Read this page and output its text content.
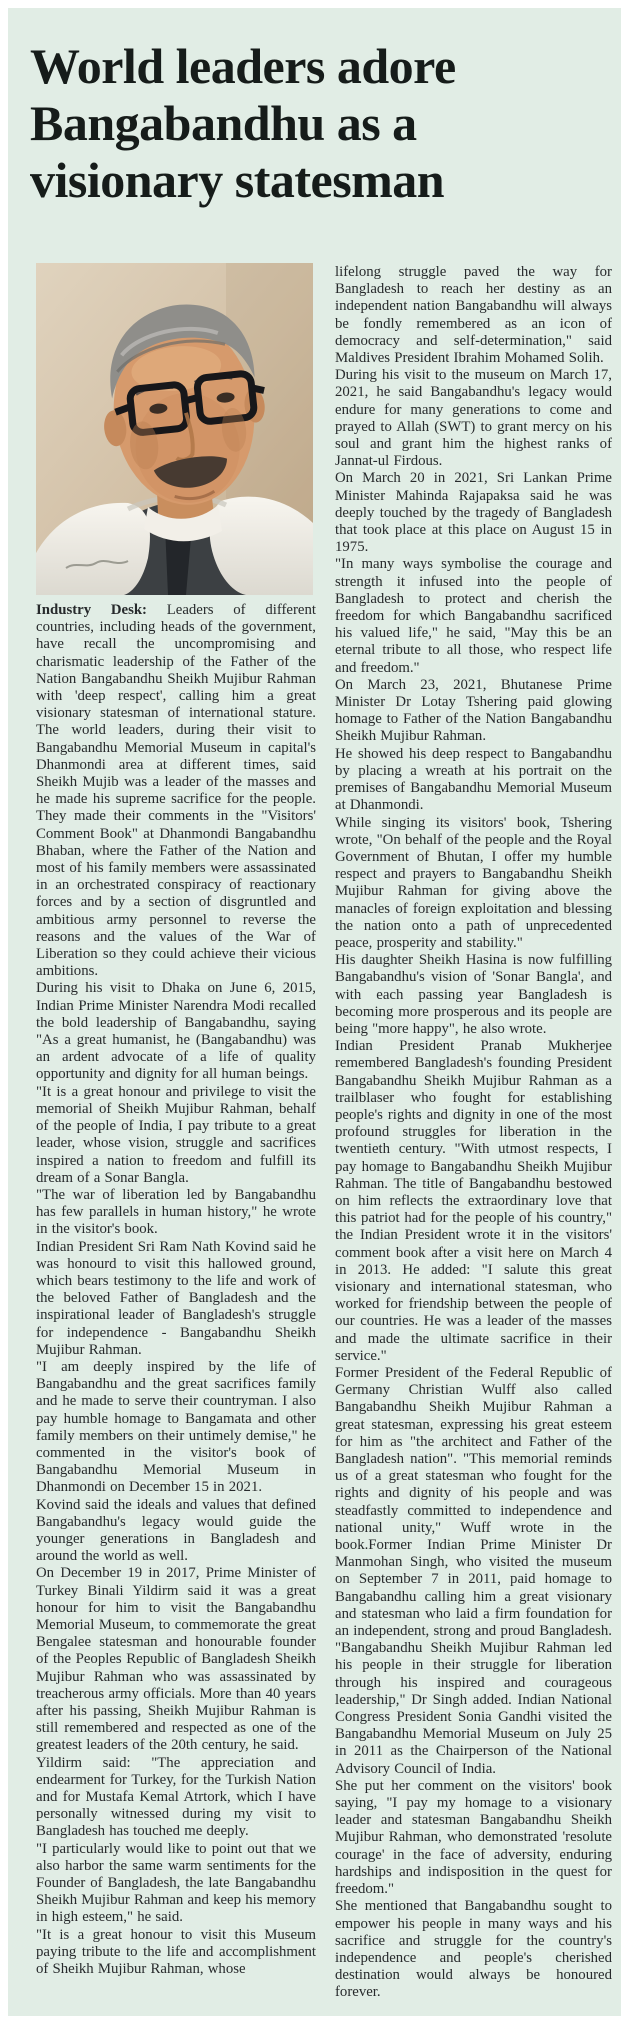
World leaders adore Bangabandhu as a visionary statesman

Industry Desk: Leaders of different countries, including heads of the government, have recall the uncompromising and charismatic leadership of the Father of the Nation Bangabandhu Sheikh Mujibur Rahman with 'deep respect', calling him a great visionary statesman of international stature. The world leaders, during their visit to Bangabandhu Memorial Museum in capital's Dhanmondi area at different times, said Sheikh Mujib was a leader of the masses and he made his supreme sacrifice for the people. They made their comments in the "Visitors' Comment Book" at Dhanmondi Bangabandhu Bhaban, where the Father of the Nation and most of his family members were assassinated in an orchestrated conspiracy of reactionary forces and by a section of disgruntled and ambitious army personnel to reverse the reasons and the values of the War of Liberation so they could achieve their vicious ambitions.

During his visit to Dhaka on June 6, 2015, Indian Prime Minister Narendra Modi recalled the bold leadership of Bangabandhu, saying "As a great humanist, he (Bangabandhu) was an ardent advocate of a life of quality opportunity and dignity for all human beings.

"It is a great honour and privilege to visit the memorial of Sheikh Mujibur Rahman, behalf of the people of India, I pay tribute to a great leader, whose vision, struggle and sacrifices inspired a nation to freedom and fulfill its dream of a Sonar Bangla.

"The war of liberation led by Bangabandhu has few parallels in human history," he wrote in the visitor's book.

Indian President Sri Ram Nath Kovind said he was honourd to visit this hallowed ground, which bears testimony to the life and work of the beloved Father of Bangladesh and the inspirational leader of Bangladesh's struggle for independence - Bangabandhu Sheikh Mujibur Rahman.

"I am deeply inspired by the life of Bangabandhu and the great sacrifices family and he made to serve their countryman. I also pay humble homage to Bangamata and other family members on their untimely demise," he commented in the visitor's book of Bangabandhu Memorial Museum in Dhanmondi on December 15 in 2021.

Kovind said the ideals and values that defined Bangabandhu's legacy would guide the younger generations in Bangladesh and around the world as well.

On December 19 in 2017, Prime Minister of Turkey Binali Yildirm said it was a great honour for him to visit the Bangabandhu Memorial Museum, to commemorate the great Bengalee statesman and honourable founder of the Peoples Republic of Bangladesh Sheikh Mujibur Rahman who was assassinated by treacherous army officials. More than 40 years after his passing, Sheikh Mujibur Rahman is still remembered and respected as one of the greatest leaders of the 20th century, he said.

Yildirm said: "The appreciation and endearment for Turkey, for the Turkish Nation and for Mustafa Kemal Atrtork, which I have personally witnessed during my visit to Bangladesh has touched me deeply.

"I particularly would like to point out that we also harbor the same warm sentiments for the Founder of Bangladesh, the late Bangabandhu Sheikh Mujibur Rahman and keep his memory in high esteem," he said.

"It is a great honour to visit this Museum paying tribute to the life and accomplishment of Sheikh Mujibur Rahman, whose

lifelong struggle paved the way for Bangladesh to reach her destiny as an independent nation Bangabandhu will always be fondly remembered as an icon of democracy and self-determination," said Maldives President Ibrahim Mohamed Solih.

During his visit to the museum on March 17, 2021, he said Bangabandhu's legacy would endure for many generations to come and prayed to Allah (SWT) to grant mercy on his soul and grant him the highest ranks of Jannat-ul Firdous.

On March 20 in 2021, Sri Lankan Prime Minister Mahinda Rajapaksa said he was deeply touched by the tragedy of Bangladesh that took place at this place on August 15 in 1975.

"In many ways symbolise the courage and strength it infused into the people of Bangladesh to protect and cherish the freedom for which Bangabandhu sacrificed his valued life," he said, "May this be an eternal tribute to all those, who respect life and freedom."

On March 23, 2021, Bhutanese Prime Minister Dr Lotay Tshering paid glowing homage to Father of the Nation Bangabandhu Sheikh Mujibur Rahman.

He showed his deep respect to Bangabandhu by placing a wreath at his portrait on the premises of Bangabandhu Memorial Museum at Dhanmondi.

While singing its visitors' book, Tshering wrote, "On behalf of the people and the Royal Government of Bhutan, I offer my humble respect and prayers to Bangabandhu Sheikh Mujibur Rahman for giving above the manacles of foreign exploitation and blessing the nation onto a path of unprecedented peace, prosperity and stability."

His daughter Sheikh Hasina is now fulfilling Bangabandhu's vision of 'Sonar Bangla', and with each passing year Bangladesh is becoming more prosperous and its people are being "more happy", he also wrote.

Indian President Pranab Mukherjee remembered Bangladesh's founding President Bangabandhu Sheikh Mujibur Rahman as a trailblaser who fought for establishing people's rights and dignity in one of the most profound struggles for liberation in the twentieth century. "With utmost respects, I pay homage to Bangabandhu Sheikh Mujibur Rahman. The title of Bangabandhu bestowed on him reflects the extraordinary love that this patriot had for the people of his country," the Indian President wrote it in the visitors' comment book after a visit here on March 4 in 2013. He added: "I salute this great visionary and international statesman, who worked for friendship between the people of our countries. He was a leader of the masses and made the ultimate sacrifice in their service."

Former President of the Federal Republic of Germany Christian Wulff also called Bangabandhu Sheikh Mujibur Rahman a great statesman, expressing his great esteem for him as "the architect and Father of the Bangladesh nation". "This memorial reminds us of a great statesman who fought for the rights and dignity of his people and was steadfastly committed to independence and national unity," Wuff wrote in the book.Former Indian Prime Minister Dr Manmohan Singh, who visited the museum on September 7 in 2011, paid homage to Bangabandhu calling him a great visionary and statesman who laid a firm foundation for an independent, strong and proud Bangladesh. "Bangabandhu Sheikh Mujibur Rahman led his people in their struggle for liberation through his inspired and courageous leadership," Dr Singh added. Indian National Congress President Sonia Gandhi visited the Bangabandhu Memorial Museum on July 25 in 2011 as the Chairperson of the National Advisory Council of India.

She put her comment on the visitors' book saying, "I pay my homage to a visionary leader and statesman Bangabandhu Sheikh Mujibur Rahman, who demonstrated 'resolute courage' in the face of adversity, enduring hardships and indisposition in the quest for freedom."

She mentioned that Bangabandhu sought to empower his people in many ways and his sacrifice and struggle for the country's independence and people's cherished destination would always be honoured forever.
